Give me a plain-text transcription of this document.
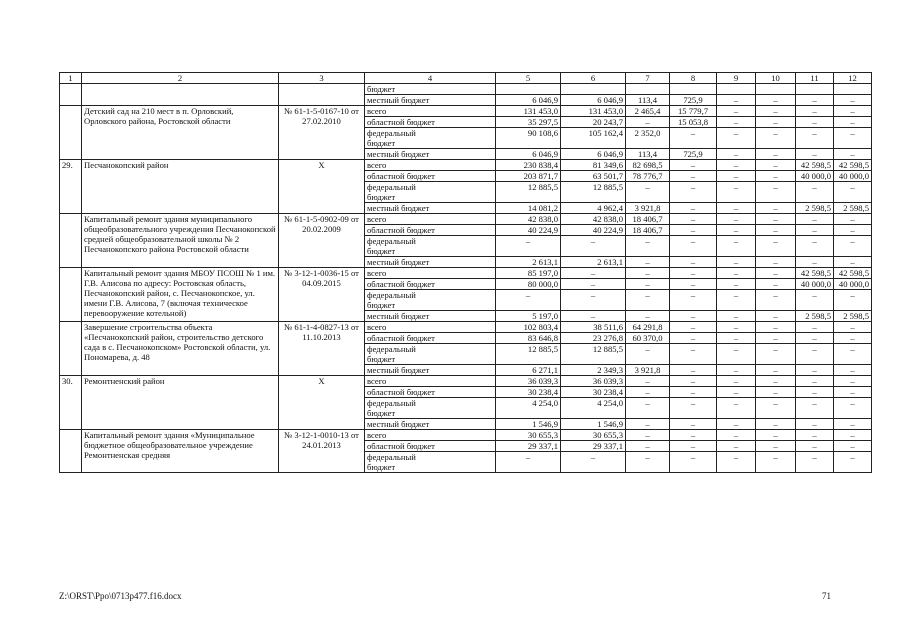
1	2	3	4	5	6	7	8	9	10	11	12
			бюджет								
			местный бюджет	6 046,9	6 046,9	113,4	725,9	–	–	–	–
	Детский сад на 210 мест в п. Орловский, Орловского района, Ростовской области	№ 61-1-5-0167-10 от 27.02.2010	всего	131 453,0	131 453,0	2 465,4	15 779,7	–	–	–	–
			областной бюджет	35 297,5	20 243,7	–	15 053,8	–	–	–	–
			федеральный	90 108,6	105 162,4	2 352,0	–	–	–	–	–
			бюджет								
			местный бюджет	6 046,9	6 046,9	113,4	725,9	–	–	–	–
29.	Песчанокопский район	Х	всего	230 838,4	81 349,6	82 698,5	–	–	–	42 598,5	42 598,5
			областной бюджет	203 871,7	63 501,7	78 776,7	–	–	–	40 000,0	40 000,0
			федеральный	12 885,5	12 885,5	–	–	–	–	–	–
			бюджет								
			местный бюджет	14 081,2	4 962,4	3 921,8	–	–	–	2 598,5	2 598,5
	Капитальный ремонт здания муниципального общеобразовательного учреждения Песчанокопской средней общеобразовательной школы № 2 Песчанокопского района Ростовской области	№ 61-1-5-0902-09 от 20.02.2009	всего	42 838,0	42 838,0	18 406,7	–	–	–	–	–
			областной бюджет	40 224,9	40 224,9	18 406,7	–	–	–	–	–
			федеральный	–	–	–	–	–	–	–	–
			бюджет								
			местный бюджет	2 613,1	2 613,1	–	–	–	–	–	–

	Капитальный ремонт здания МБОУ ПСОШ № 1 им. Г.В. Алисова по адресу: Ростовская область, Песчанокопский район, с. Песчанокопское, ул. имени Г.В. Алисова, 7 (включая техническое перевооружение котельной)	№ 3-12-1-0036-15 от 04.09.2015	всего	85 197,0	–	–	–	–	–	42 598,5	42 598,5
			областной бюджет	80 000,0	–	–	–	–	–	40 000,0	40 000,0
			федеральный	–	–	–	–	–	–	–	–
			бюджет								
			местный бюджет	5 197,0	–	–	–	–	–	2 598,5	2 598,5

	Завершение строительства объекта «Песчанокопский район, строительство детского сада в с. Песчанокопском» Ростовской области, ул. Пономарева, д. 48	№ 61-1-4-0827-13 от 11.10.2013	всего	102 803,4	38 511,6	64 291,8	–	–	–	–	–
			областной бюджет	83 646,8	23 276,8	60 370,0	–	–	–	–	–
			федеральный	12 885,5	12 885,5	–	–	–	–	–	–
			бюджет								
			местный бюджет	6 271,1	2 349,3	3 921,8	–	–	–	–	–

30.	Ремонтненский район	Х	всего	36 039,3	36 039,3	–	–	–	–	–	–
			областной бюджет	30 238,4	30 238,4	–	–	–	–	–	–
			федеральный	4 254,0	4 254,0	–	–	–	–	–	–
			бюджет								
			местный бюджет	1 546,9	1 546,9	–	–	–	–	–	–
	Капитальный ремонт здания «Муниципальное бюджетное общеобразовательное учреждение Ремонтненская средняя	№ 3-12-1-0010-13 от 24.01.2013	всего	30 655,3	30 655,3	–	–	–	–	–	–
			областной бюджет	29 337,1	29 337,1	–	–	–	–	–	–
			федеральный	–	–	–	–	–	–	–	–
			бюджет								
Z:\ORST\Ppo\0713p477.f16.docx	71
